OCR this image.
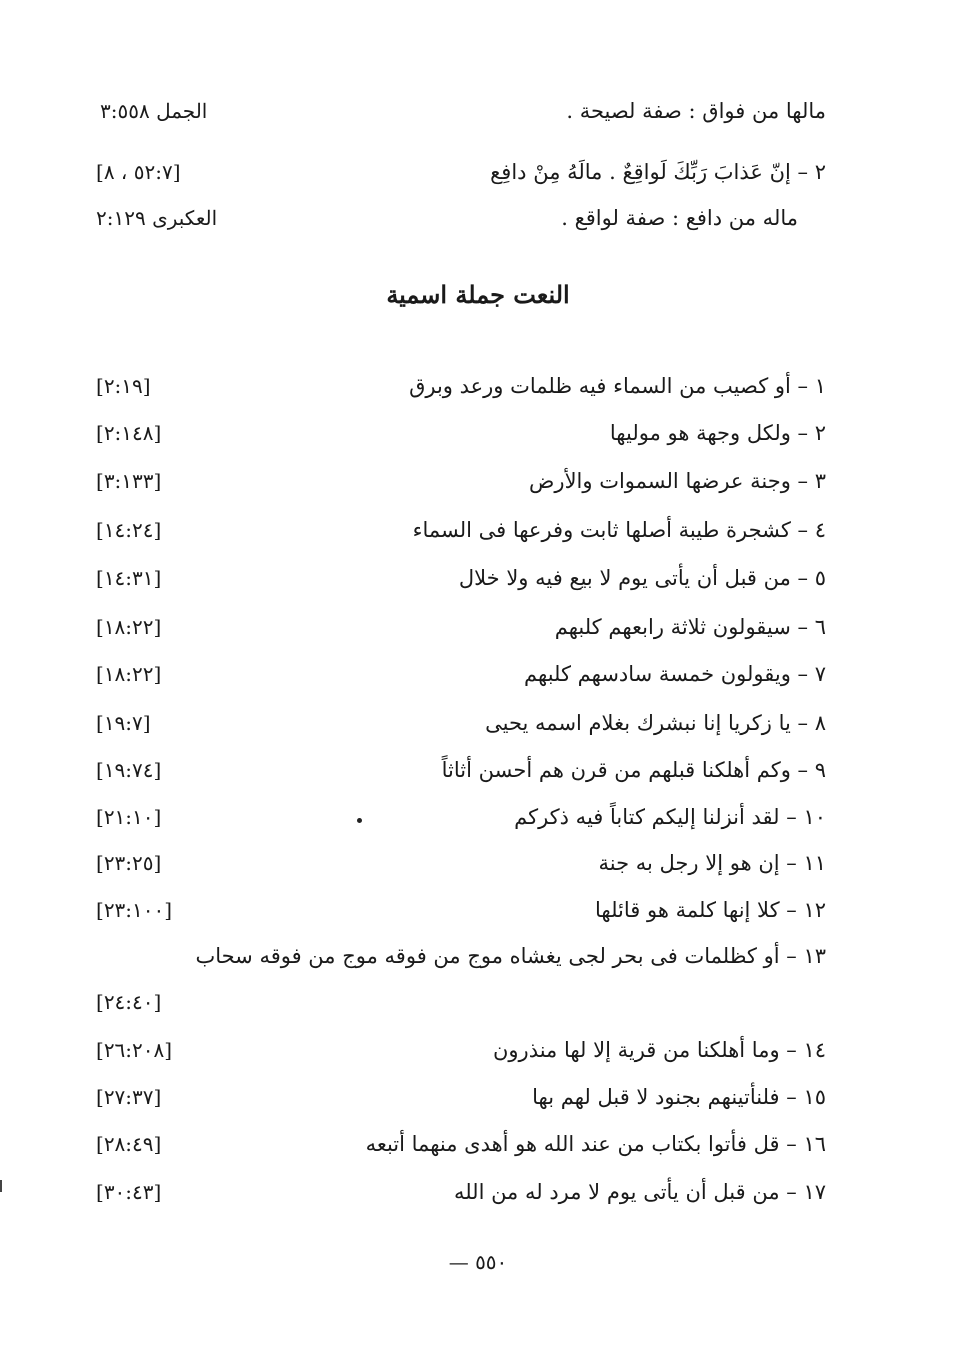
مالها من فواق : صفة لصيحة .
الجمل ٣:٥٥٨
٢ – إنّ عَذابَ رَبِّكَ لَواقِعٌ . مالَهُ مِنْ دافِع
[٥٢:٧ ، ٨]
ماله من دافع : صفة لواقع .
العكبرى ٢:١٢٩
النعت جملة اسمية
١ – أو كصيب من السماء فيه ظلمات ورعد وبرق
[٢:١٩]
٢ – ولكل وجهة هو موليها
[٢:١٤٨]
٣ – وجنة عرضها السموات والأرض
[٣:١٣٣]
٤ – كشجرة طيبة أصلها ثابت وفرعها فى السماء
[١٤:٢٤]
٥ – من قبل أن يأتى يوم لا بيع فيه ولا خلال
[١٤:٣١]
٦ – سيقولون ثلاثة رابعهم كلبهم
[١٨:٢٢]
٧ – ويقولون خمسة سادسهم كلبهم
[١٨:٢٢]
٨ – يا زكريا إنا نبشرك بغلام اسمه يحيى
[١٩:٧]
٩ – وكم أهلكنا قبلهم من قرن هم أحسن أثاثاً
[١٩:٧٤]
١٠ – لقد أنزلنا إليكم كتاباً فيه ذكركم
[٢١:١٠]
١١ – إن هو إلا رجل به جنة
[٢٣:٢٥]
١٢ – كلا إنها كلمة هو قائلها
[٢٣:١٠٠]
١٣ – أو كظلمات فى بحر لجى يغشاه موج من فوقه موج من فوقه سحاب
[٢٤:٤٠]
١٤ – وما أهلكنا من قرية إلا لها منذرون
[٢٦:٢٠٨]
١٥ – فلنأتينهم بجنود لا قبل لهم بها
[٢٧:٣٧]
١٦ – قل فأتوا بكتاب من عند الله هو أهدى منهما أتبعه
[٢٨:٤٩]
١٧ – من قبل أن يأتى يوم لا مرد له من الله
[٣٠:٤٣]
— ٥٥٠
